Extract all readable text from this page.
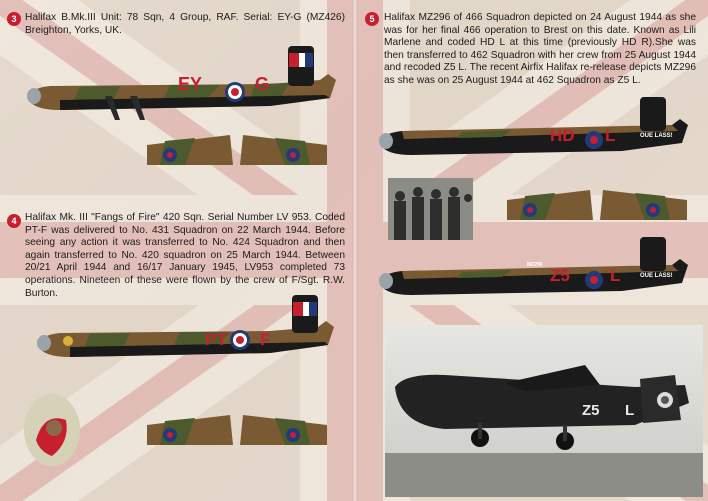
3 Halifax B.Mk.III Unit: 78 Sqn, 4 Group, RAF. Serial: EY-G (MZ426) Breighton, Yorks, UK.

EY	G
4 Halifax Mk. III "Fangs of Fire" 420 Sqn. Serial Number LV 953. Coded PT-F was delivered to No. 431 Squadron on 22 March 1944. Before seeing any action it was transferred to No. 424 Squadron and then again transferred to No. 420 squadron on 25 March 1944. Between 20/21 April 1944 and 16/17 January 1945, LV953 completed 73 operations. Nineteen of these were flown by the crew of F/Sgt. R.W. Burton.

PT F
5 Halifax MZ296 of 466 Squadron depicted on 24 August 1944 as she was for her final 466 operation to Brest on this date. Known as Lili Marlene and coded HD L at this time (previously HD R).She was then transferred to 462 Squadron with her crew from 25 August 1944 and recoded Z5 L. The recent Airfix Halifax re-release depicts MZ296 as she was on 25 August 1944 at 462 Squadron as Z5 L.

HD L	OUE LASS!
Z5 L
MZ296
OUE LASS!
Z5 L
